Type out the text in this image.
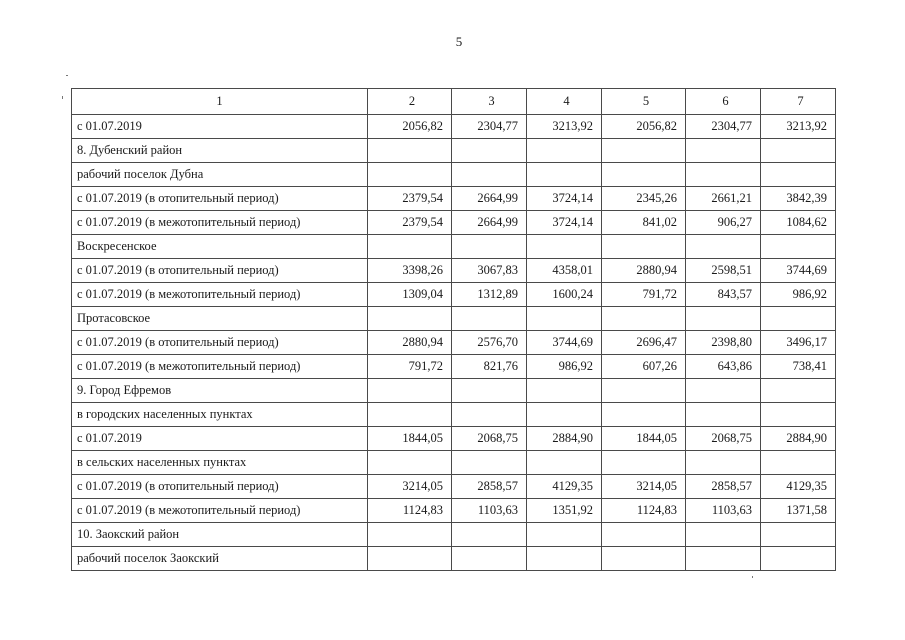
5
1	2	3	4	5	6	7
с 01.07.2019	2056,82	2304,77	3213,92	2056,82	2304,77	3213,92
8. Дубенский район						
рабочий поселок Дубна						
с 01.07.2019 (в отопительный период)	2379,54	2664,99	3724,14	2345,26	2661,21	3842,39
с 01.07.2019 (в межотопительный период)	2379,54	2664,99	3724,14	841,02	906,27	1084,62
Воскресенское						
с 01.07.2019 (в отопительный период)	3398,26	3067,83	4358,01	2880,94	2598,51	3744,69
с 01.07.2019 (в межотопительный период)	1309,04	1312,89	1600,24	791,72	843,57	986,92
Протасовское						
с 01.07.2019 (в отопительный период)	2880,94	2576,70	3744,69	2696,47	2398,80	3496,17
с 01.07.2019 (в межотопительный период)	791,72	821,76	986,92	607,26	643,86	738,41
9. Город Ефремов						
в городских населенных пунктах						
с 01.07.2019	1844,05	2068,75	2884,90	1844,05	2068,75	2884,90
в сельских населенных пунктах						
с 01.07.2019 (в отопительный период)	3214,05	2858,57	4129,35	3214,05	2858,57	4129,35
с 01.07.2019 (в межотопительный период)	1124,83	1103,63	1351,92	1124,83	1103,63	1371,58
10. Заокский район						
рабочий поселок Заокский						
